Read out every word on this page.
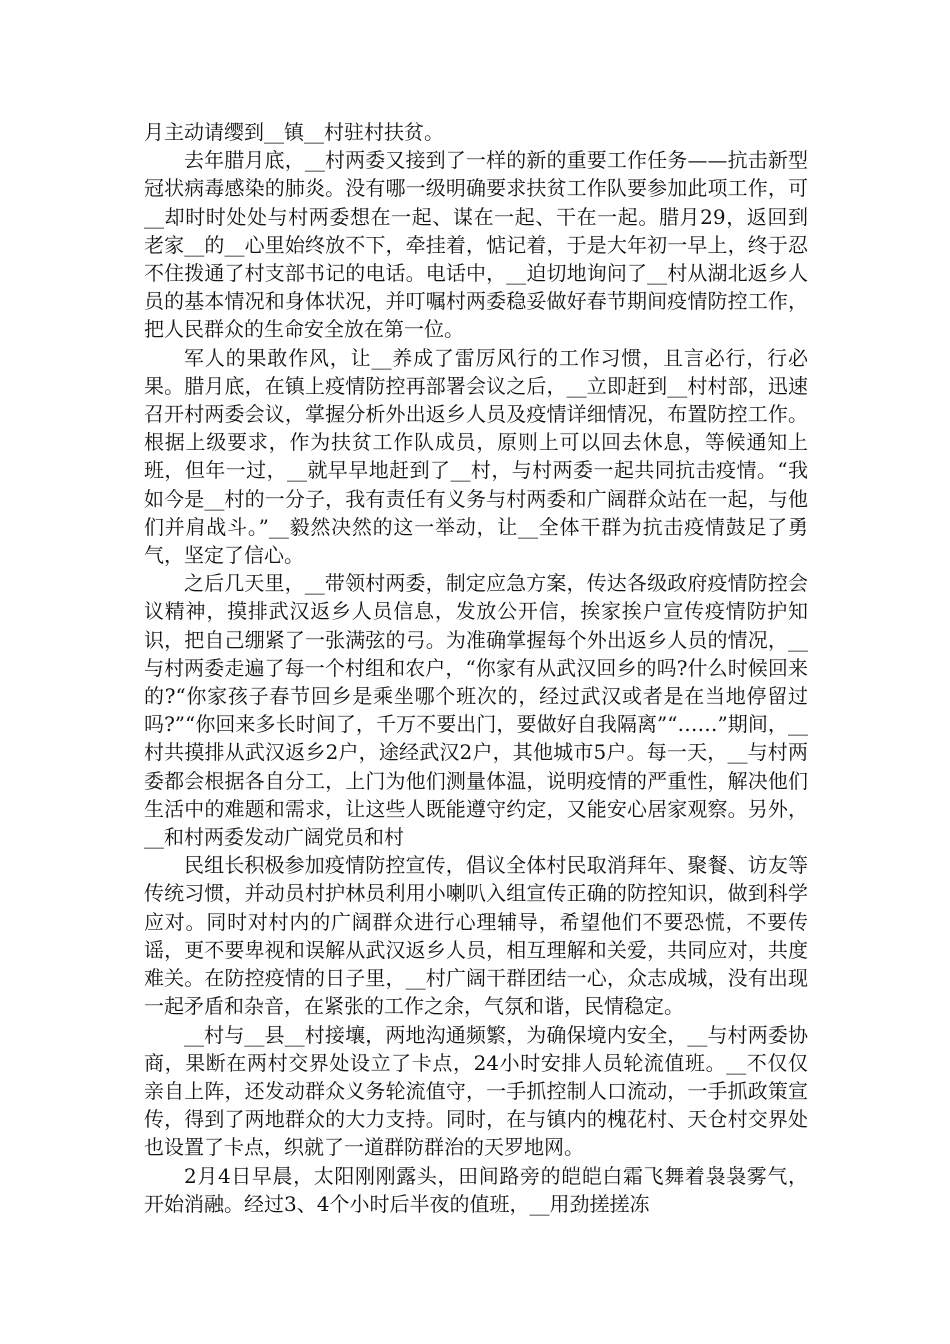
月主动请缨到__镇__村驻村扶贫。

去年腊月底，__村两委又接到了一样的新的重要工作任务——抗击新型冠状病毒感染的肺炎。没有哪一级明确要求扶贫工作队要参加此项工作，可__却时时处处与村两委想在一起、谋在一起、干在一起。腊月29，返回到老家__的__心里始终放不下，牵挂着，惦记着，于是大年初一早上，终于忍不住拨通了村支部书记的电话。电话中，__迫切地询问了__村从湖北返乡人员的基本情况和身体状况，并叮嘱村两委稳妥做好春节期间疫情防控工作，把人民群众的生命安全放在第一位。

军人的果敢作风，让__养成了雷厉风行的工作习惯，且言必行，行必果。腊月底，在镇上疫情防控再部署会议之后，__立即赶到__村村部，迅速召开村两委会议，掌握分析外出返乡人员及疫情详细情况，布置防控工作。根据上级要求，作为扶贫工作队成员，原则上可以回去休息，等候通知上班，但年一过，__就早早地赶到了__村，与村两委一起共同抗击疫情。“我如今是__村的一分子，我有责任有义务与村两委和广阔群众站在一起，与他们并肩战斗。”__毅然决然的这一举动，让__全体干群为抗击疫情鼓足了勇气，坚定了信心。

之后几天里，__带领村两委，制定应急方案，传达各级政府疫情防控会议精神，摸排武汉返乡人员信息，发放公开信，挨家挨户宣传疫情防护知识，把自己绷紧了一张满弦的弓。为准确掌握每个外出返乡人员的情况，__与村两委走遍了每一个村组和农户，“你家有从武汉回乡的吗?什么时候回来的?“你家孩子春节回乡是乘坐哪个班次的，经过武汉或者是在当地停留过吗?”“你回来多长时间了，千万不要出门，要做好自我隔离”“……”期间，__村共摸排从武汉返乡2户，途经武汉2户，其他城市5户。每一天，__与村两委都会根据各自分工，上门为他们测量体温，说明疫情的严重性，解决他们生活中的难题和需求，让这些人既能遵守约定，又能安心居家观察。另外，__和村两委发动广阔党员和村

民组长积极参加疫情防控宣传，倡议全体村民取消拜年、聚餐、访友等传统习惯，并动员村护林员利用小喇叭入组宣传正确的防控知识，做到科学应对。同时对村内的广阔群众进行心理辅导，希望他们不要恐慌，不要传谣，更不要卑视和误解从武汉返乡人员，相互理解和关爱，共同应对，共度难关。在防控疫情的日子里，__村广阔干群团结一心，众志成城，没有出现一起矛盾和杂音，在紧张的工作之余，气氛和谐，民情稳定。

__村与__县__村接壤，两地沟通频繁，为确保境内安全，__与村两委协商，果断在两村交界处设立了卡点，24小时安排人员轮流值班。__不仅仅亲自上阵，还发动群众义务轮流值守，一手抓控制人口流动，一手抓政策宣传，得到了两地群众的大力支持。同时，在与镇内的槐花村、天仓村交界处也设置了卡点，织就了一道群防群治的天罗地网。

2月4日早晨，太阳刚刚露头，田间路旁的皑皑白霜飞舞着袅袅雾气，开始消融。经过3、4个小时后半夜的值班，__用劲搓搓冻
